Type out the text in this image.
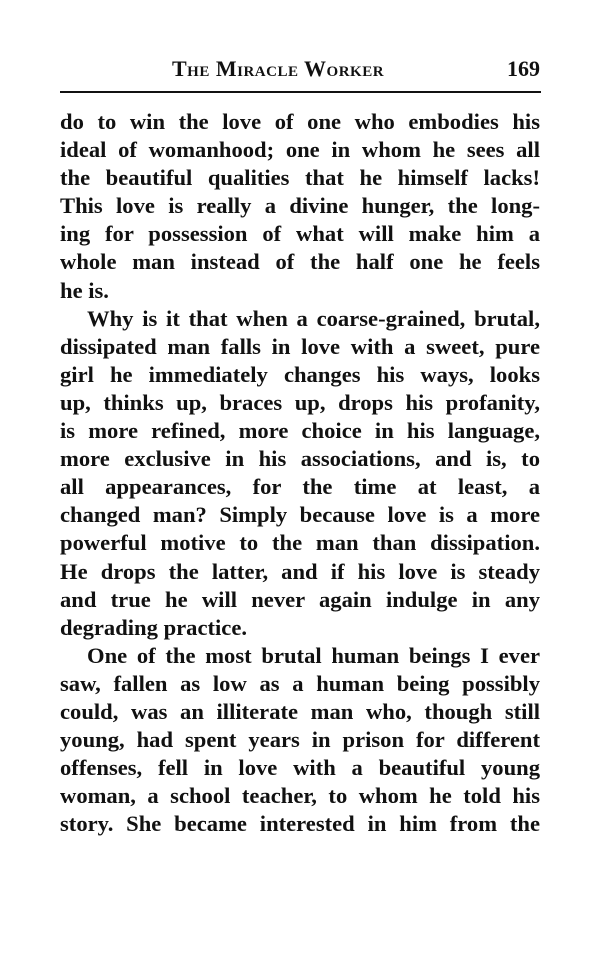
The Miracle Worker	169
do to win the love of one who embodies his
ideal of womanhood; one in whom he sees all
the beautiful qualities that he himself lacks!
This love is really a divine hunger, the long-
ing for possession of what will make him a
whole man instead of the half one he feels
he is.
Why is it that when a coarse-grained, brutal,
dissipated man falls in love with a sweet, pure
girl he immediately changes his ways, looks
up, thinks up, braces up, drops his profanity,
is more refined, more choice in his language,
more exclusive in his associations, and is, to
all appearances, for the time at least, a
changed man? Simply because love is a more
powerful motive to the man than dissipation.
He drops the latter, and if his love is steady
and true he will never again indulge in any
degrading practice.
One of the most brutal human beings I ever
saw, fallen as low as a human being possibly
could, was an illiterate man who, though still
young, had spent years in prison for different
offenses, fell in love with a beautiful young
woman, a school teacher, to whom he told his
story. She became interested in him from the
